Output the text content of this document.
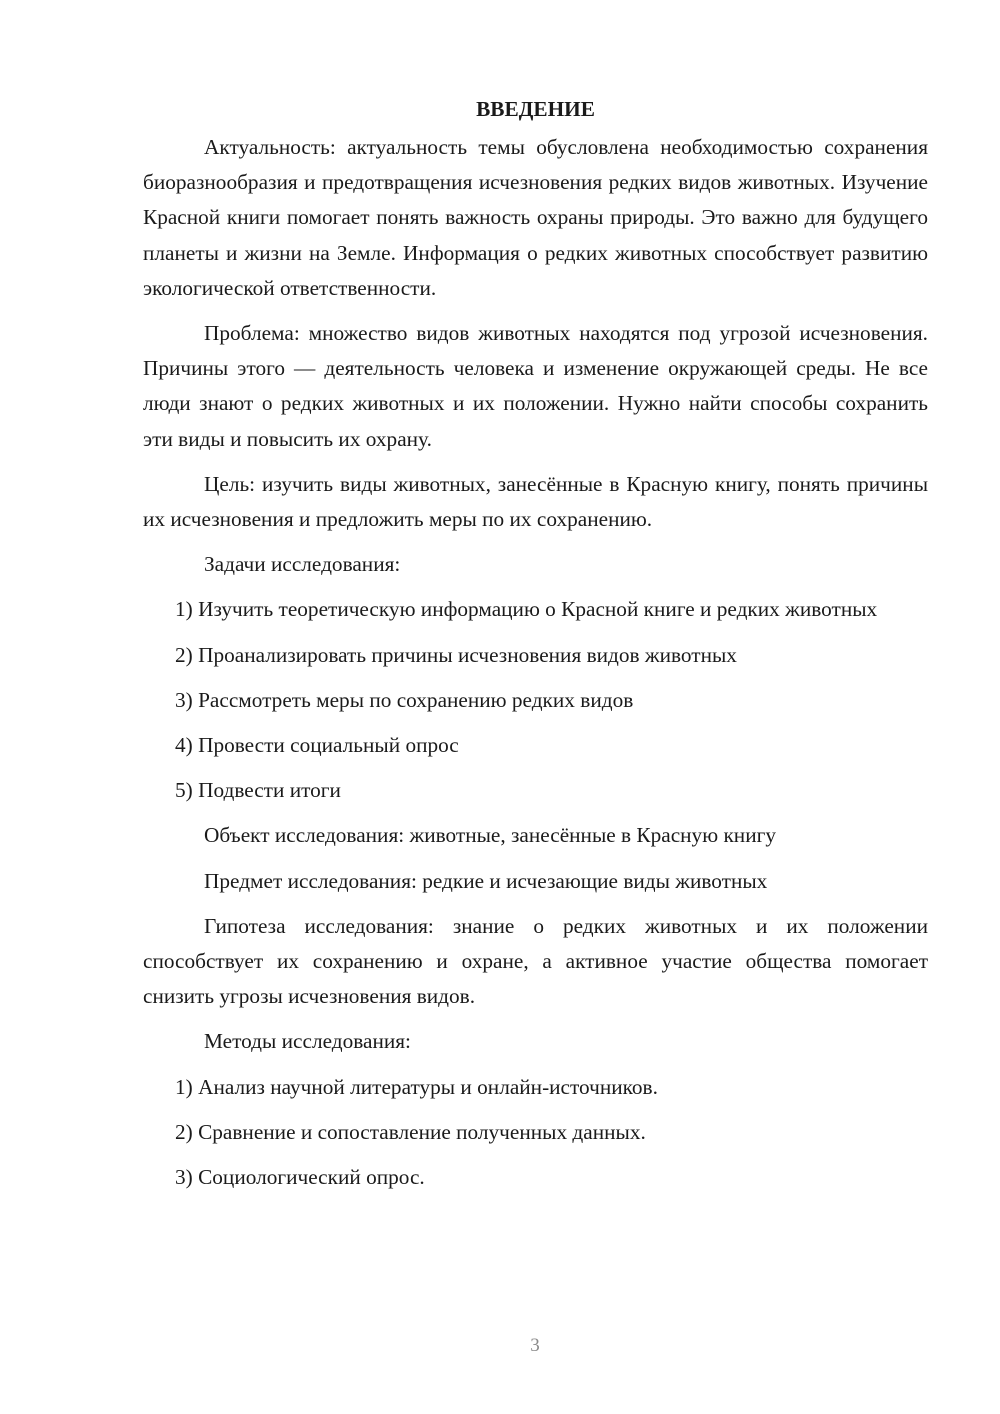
ВВЕДЕНИЕ

Актуальность: актуальность темы обусловлена необходимостью сохранения биоразнообразия и предотвращения исчезновения редких видов животных. Изучение Красной книги помогает понять важность охраны природы. Это важно для будущего планеты и жизни на Земле. Информация о редких животных способствует развитию экологической ответственности.

Проблема: множество видов животных находятся под угрозой исчезновения. Причины этого — деятельность человека и изменение окружающей среды. Не все люди знают о редких животных и их положении. Нужно найти способы сохранить эти виды и повысить их охрану.

Цель: изучить виды животных, занесённые в Красную книгу, понять причины их исчезновения и предложить меры по их сохранению.

Задачи исследования:

1) Изучить теоретическую информацию о Красной книге и редких животных

2) Проанализировать причины исчезновения видов животных

3) Рассмотреть меры по сохранению редких видов

4) Провести социальный опрос

5) Подвести итоги

Объект исследования: животные, занесённые в Красную книгу

Предмет исследования: редкие и исчезающие виды животных

Гипотеза исследования: знание о редких животных и их положении способствует их сохранению и охране, а активное участие общества помогает снизить угрозы исчезновения видов.

Методы исследования:

1) Анализ научной литературы и онлайн-источников.

2) Сравнение и сопоставление полученных данных.

3) Социологический опрос.

3
